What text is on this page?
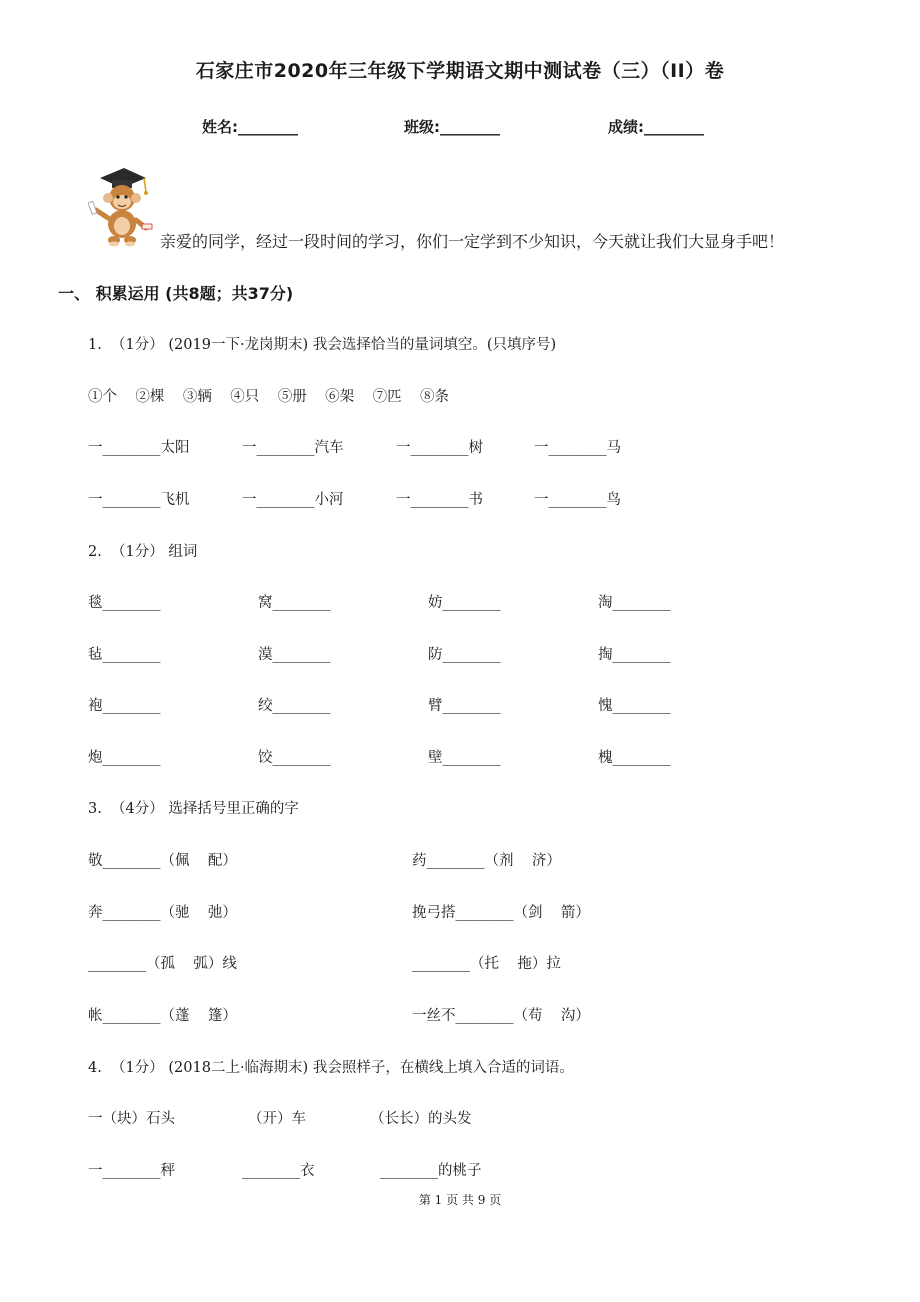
石家庄市2020年三年级下学期语文期中测试卷（三）（II）卷
姓名:________	班级:________	成绩:________
亲爱的同学，经过一段时间的学习，你们一定学到不少知识，今天就让我们大显身手吧！
一、 积累运用 (共8题；共37分)
1.  （1分） (2019一下·龙岗期末) 我会选择恰当的量词填空。(只填序号)
①个    ②棵    ③辆    ④只    ⑤册    ⑥架    ⑦匹    ⑧条
一________太阳	一________汽车	一________树	一________马
一________飞机	一________小河	一________书	一________鸟
2.  （1分） 组词
毯________	窝________	妨________	淘________
毡________	漠________	防________	掏________
袍________	绞________	臂________	愧________
炮________	饺________	壁________	槐________
3.  （4分） 选择括号里正确的字
敬________（佩    配）	药________（剂    济）
奔________（驰    弛）	挽弓搭________（剑    箭）
________（孤    弧）线	________（托    拖）拉
帐________（蓬    篷）	一丝不________（苟    沟）
4.  （1分） (2018二上·临海期末) 我会照样子，在横线上填入合适的词语。
一（块）石头	（开）车	（长长）的头发
一________秤	________衣	________的桃子
第 1 页 共 9 页
